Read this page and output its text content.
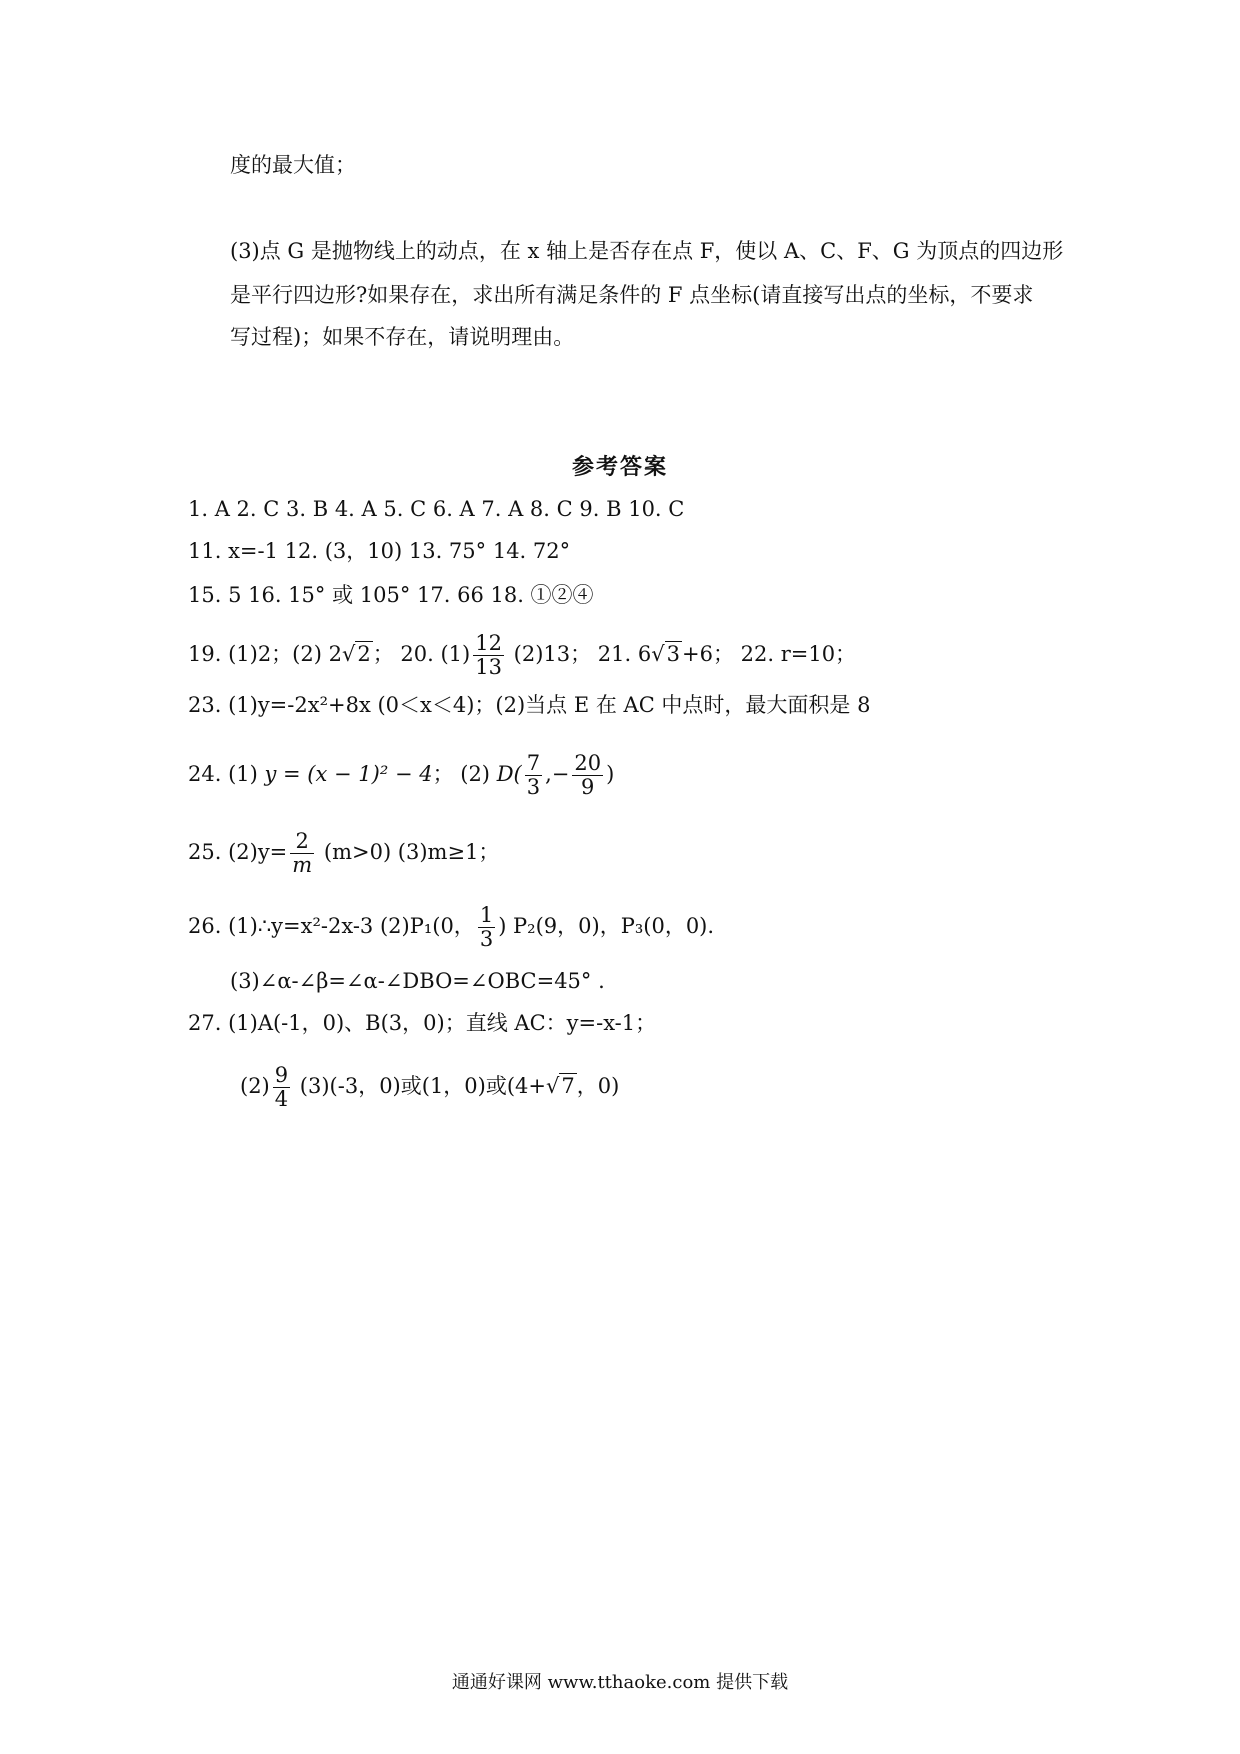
度的最大值；
(3)点 G 是抛物线上的动点，在 x 轴上是否存在点 F，使以 A、C、F、G 为顶点的四边形
是平行四边形?如果存在，求出所有满足条件的 F 点坐标(请直接写出点的坐标，不要求
写过程)；如果不存在，请说明理由。
参考答案
1. A 2. C 3. B 4. A 5. C 6. A 7. A 8. C 9. B 10. C
11. x=-1 12. (3，10) 13. 75° 14. 72°
15. 5 16. 15° 或 105° 17. 66 18. ①②④
19. (1)2；(2) 2√2； 20. $(1) \frac{12}{13} (2)13$； 21. 6√3+6； 22. r=10；
23. (1)y=-2x²+8x (0＜x＜4)；(2)当点 E 在 AC 中点时，最大面积是 8
24. (1) y = (x − 1)² − 4； (2) $D( \frac{7}{3}$ ,− $\frac{20}{9}$ )
25. $(2)y= \frac{2}{m} (m>0)$ (3)m≥1；
26. (1)∴y=x²-2x-3 (2)P₁(0， $\frac{1}{3}$ ) P₂(9，0)，P₃(0，0).
(3)∠α-∠β=∠α-∠DBO=∠OBC=45° .
27. (1)A(-1，0)、B(3，0)；直线 AC：y=-x-1；
$(2) \frac{9}{4} (3)(-3$，0)或(1，0)或(4+√7，0)
通通好课网 www.tthaoke.com 提供下载
